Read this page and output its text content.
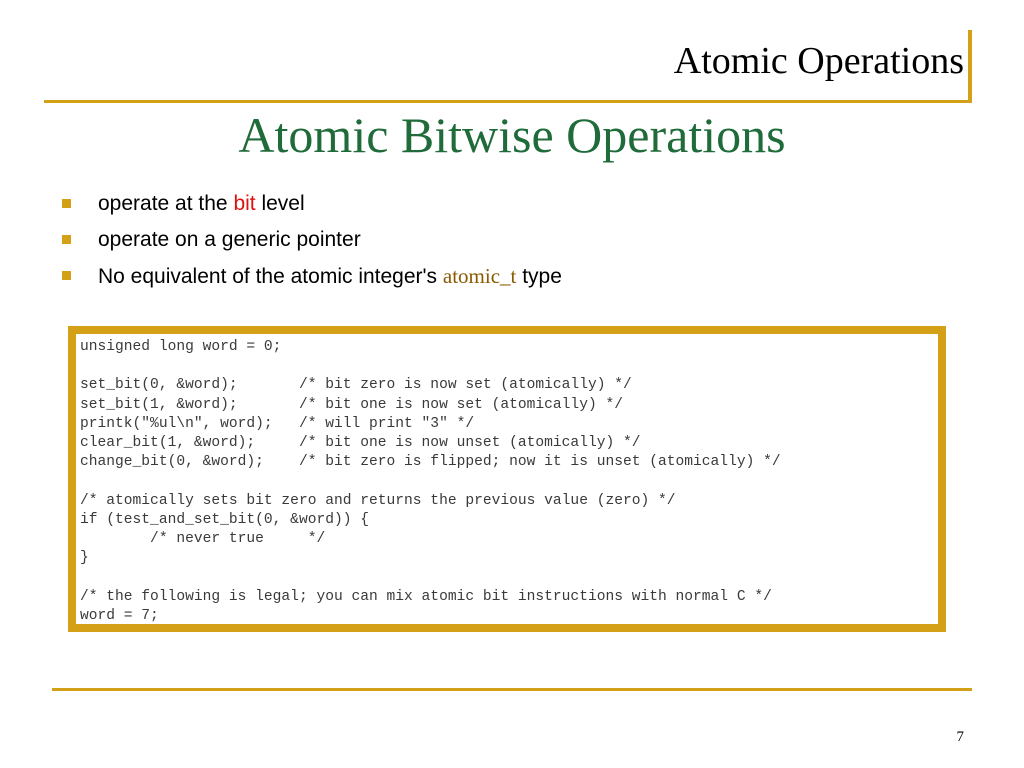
Atomic Operations
Atomic Bitwise Operations
operate at the bit level
operate on a generic pointer
No equivalent of the atomic integer's atomic_t type
unsigned long word = 0;

set_bit(0, &word);       /* bit zero is now set (atomically) */
set_bit(1, &word);       /* bit one is now set (atomically) */
printk("%ul\n", word);   /* will print "3" */
clear_bit(1, &word);     /* bit one is now unset (atomically) */
change_bit(0, &word);    /* bit zero is flipped; now it is unset (atomically) */

/* atomically sets bit zero and returns the previous value (zero) */
if (test_and_set_bit(0, &word)) {
/* never true     */
}

/* the following is legal; you can mix atomic bit instructions with normal C */
word = 7;
7
